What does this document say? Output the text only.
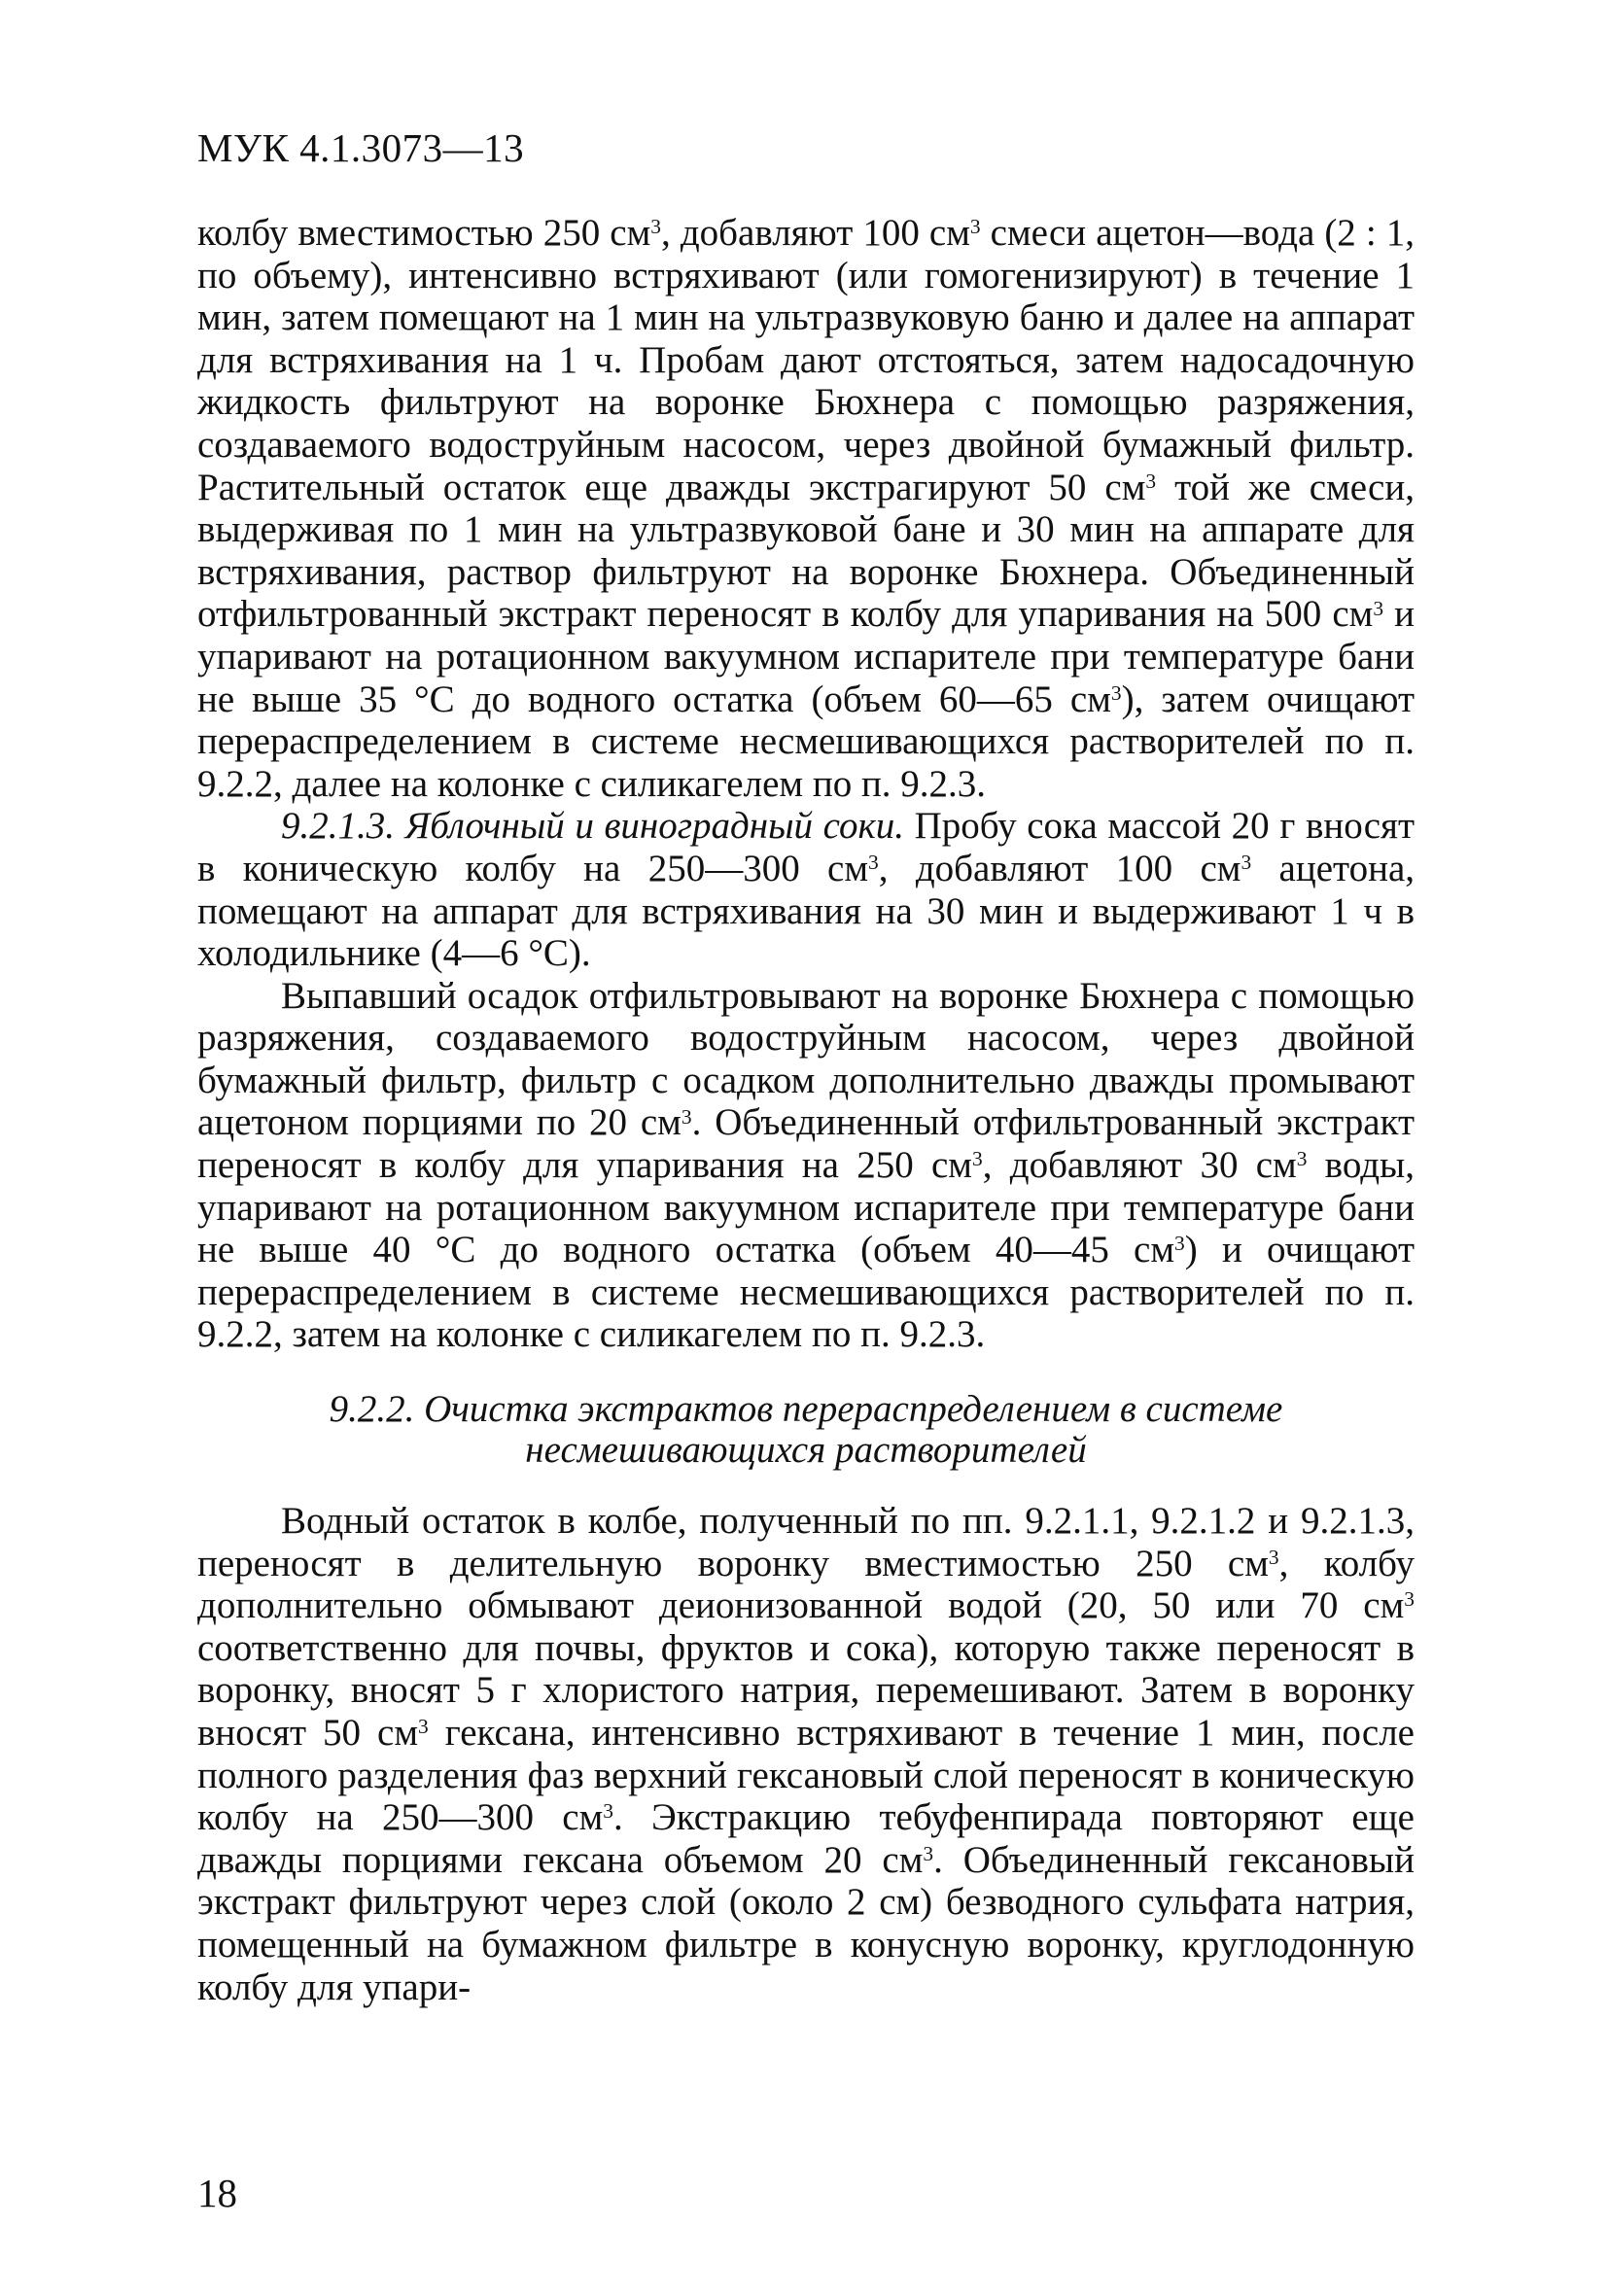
МУК 4.1.3073—13

колбу вместимостью 250 $см^3$, добавляют 100 $см^3$ смеси ацетон—вода (2 : 1, по объему), интенсивно встряхивают (или гомогенизируют) в течение 1 мин, затем помещают на 1 мин на ультразвуковую баню и далее на аппарат для встряхивания на 1 ч. Пробам дают отстояться, затем надосадочную жидкость фильтруют на воронке Бюхнера с помощью разряжения, создаваемого водоструйным насосом, через двойной бумажный фильтр. Растительный остаток еще дважды экстрагируют 50 $см^3$ той же смеси, выдерживая по 1 мин на ультразвуковой бане и 30 мин на аппарате для встряхивания, раствор фильтруют на воронке Бюхнера. Объединенный отфильтрованный экстракт переносят в колбу для упаривания на 500 $см^3$ и упаривают на ротационном вакуумном испарителе при температуре бани не выше 35 °С до водного остатка (объем 60—65 $см^3$), затем очищают перераспределением в системе несмешивающихся растворителей по п. 9.2.2, далее на колонке с силикагелем по п. 9.2.3.

9.2.1.3. Яблочный и виноградный соки. Пробу сока массой 20 г вносят в коническую колбу на 250—300 $см^3$, добавляют 100 $см^3$ ацетона, помещают на аппарат для встряхивания на 30 мин и выдерживают 1 ч в холодильнике (4—6 °С).

Выпавший осадок отфильтровывают на воронке Бюхнера с помощью разряжения, создаваемого водоструйным насосом, через двойной бумажный фильтр, фильтр с осадком дополнительно дважды промывают ацетоном порциями по 20 $см^3$. Объединенный отфильтрованный экстракт переносят в колбу для упаривания на 250 $см^3$, добавляют 30 $см^3$ воды, упаривают на ротационном вакуумном испарителе при температуре бани не выше 40 °С до водного остатка (объем 40—45 $см^3$) и очищают перераспределением в системе несмешивающихся растворителей по п. 9.2.2, затем на колонке с силикагелем по п. 9.2.3.

9.2.2. Очистка экстрактов перераспределением в системе
несмешивающихся растворителей

Водный остаток в колбе, полученный по пп. 9.2.1.1, 9.2.1.2 и 9.2.1.3, переносят в делительную воронку вместимостью 250 $см^3$, колбу дополнительно обмывают деионизованной водой (20, 50 или 70 $см^3$ соответственно для почвы, фруктов и сока), которую также переносят в воронку, вносят 5 г хлористого натрия, перемешивают. Затем в воронку вносят 50 $см^3$ гексана, интенсивно встряхивают в течение 1 мин, после полного разделения фаз верхний гексановый слой переносят в коническую колбу на 250—300 $см^3$. Экстракцию тебуфенпирада повторяют еще дважды порциями гексана объемом 20 $см^3$. Объединенный гексановый экстракт фильтруют через слой (около 2 см) безводного сульфата натрия, помещенный на бумажном фильтре в конусную воронку, круглодонную колбу для упари-

18
